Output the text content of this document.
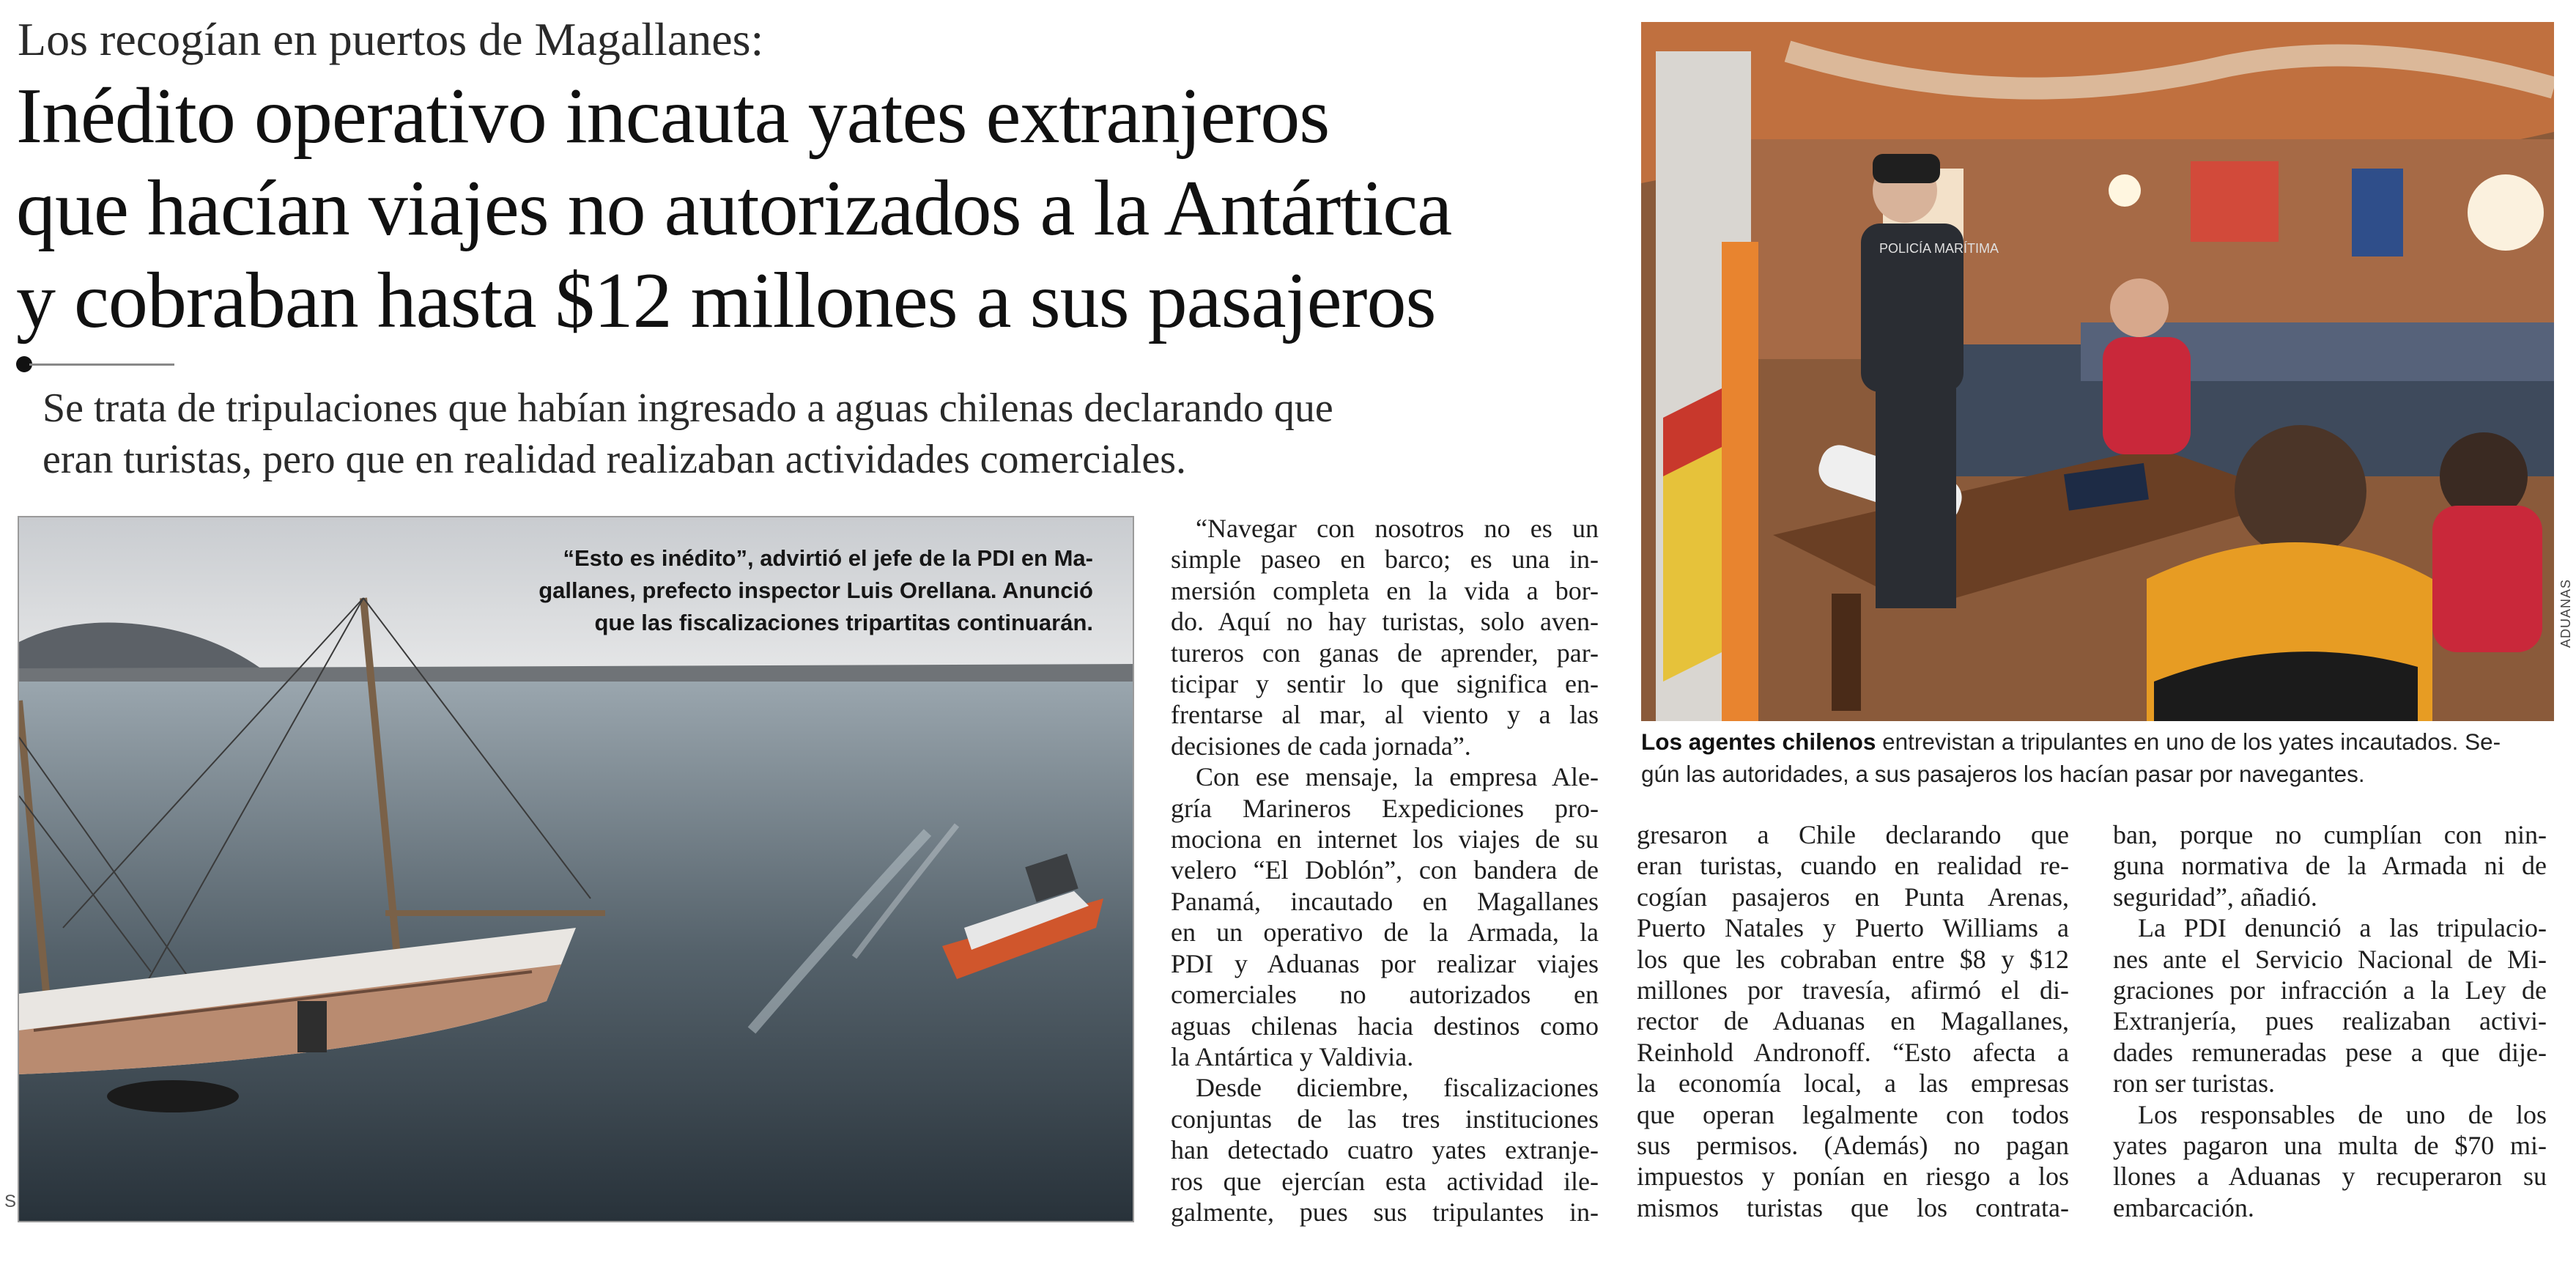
Los recogían en puertos de Magallanes:
Inédito operativo incauta yates extranjeros
que hacían viajes no autorizados a la Antártica
y cobraban hasta $12 millones a sus pasajeros
Se trata de tripulaciones que habían ingresado a aguas chilenas declarando que
eran turistas, pero que en realidad realizaban actividades comerciales.
“Esto es inédito”, advirtió el jefe de la PDI en Ma-
gallanes, prefecto inspector Luis Orellana. Anunció
que las fiscalizaciones tripartitas continuarán.
S
“Navegar con nosotros no es un
simple paseo en barco; es una in-
mersión completa en la vida a bor-
do. Aquí no hay turistas, solo aven-
tureros con ganas de aprender, par-
ticipar y sentir lo que significa en-
frentarse al mar, al viento y a las
decisiones de cada jornada”.
Con ese mensaje, la empresa Ale-
gría Marineros Expediciones pro-
mociona en internet los viajes de su
velero “El Doblón”, con bandera de
Panamá, incautado en Magallanes
en un operativo de la Armada, la
PDI y Aduanas por realizar viajes
comerciales no autorizados en
aguas chilenas hacia destinos como
la Antártica y Valdivia.
Desde diciembre, fiscalizaciones
conjuntas de las tres instituciones
han detectado cuatro yates extranje-
ros que ejercían esta actividad ile-
galmente, pues sus tripulantes in-
POLICÍA MARÍTIMA
ADUANAS
Los agentes chilenos entrevistan a tripulantes en uno de los yates incautados. Se-
gún las autoridades, a sus pasajeros los hacían pasar por navegantes.
gresaron a Chile declarando que
eran turistas, cuando en realidad re-
cogían pasajeros en Punta Arenas,
Puerto Natales y Puerto Williams a
los que les cobraban entre $8 y $12
millones por travesía, afirmó el di-
rector de Aduanas en Magallanes,
Reinhold Andronoff. “Esto afecta a
la economía local, a las empresas
que operan legalmente con todos
sus permisos. (Además) no pagan
impuestos y ponían en riesgo a los
mismos turistas que los contrata-
ban, porque no cumplían con nin-
guna normativa de la Armada ni de
seguridad”, añadió.
La PDI denunció a las tripulacio-
nes ante el Servicio Nacional de Mi-
graciones por infracción a la Ley de
Extranjería, pues realizaban activi-
dades remuneradas pese a que dije-
ron ser turistas.
Los responsables de uno de los
yates pagaron una multa de $70 mi-
llones a Aduanas y recuperaron su
embarcación.
